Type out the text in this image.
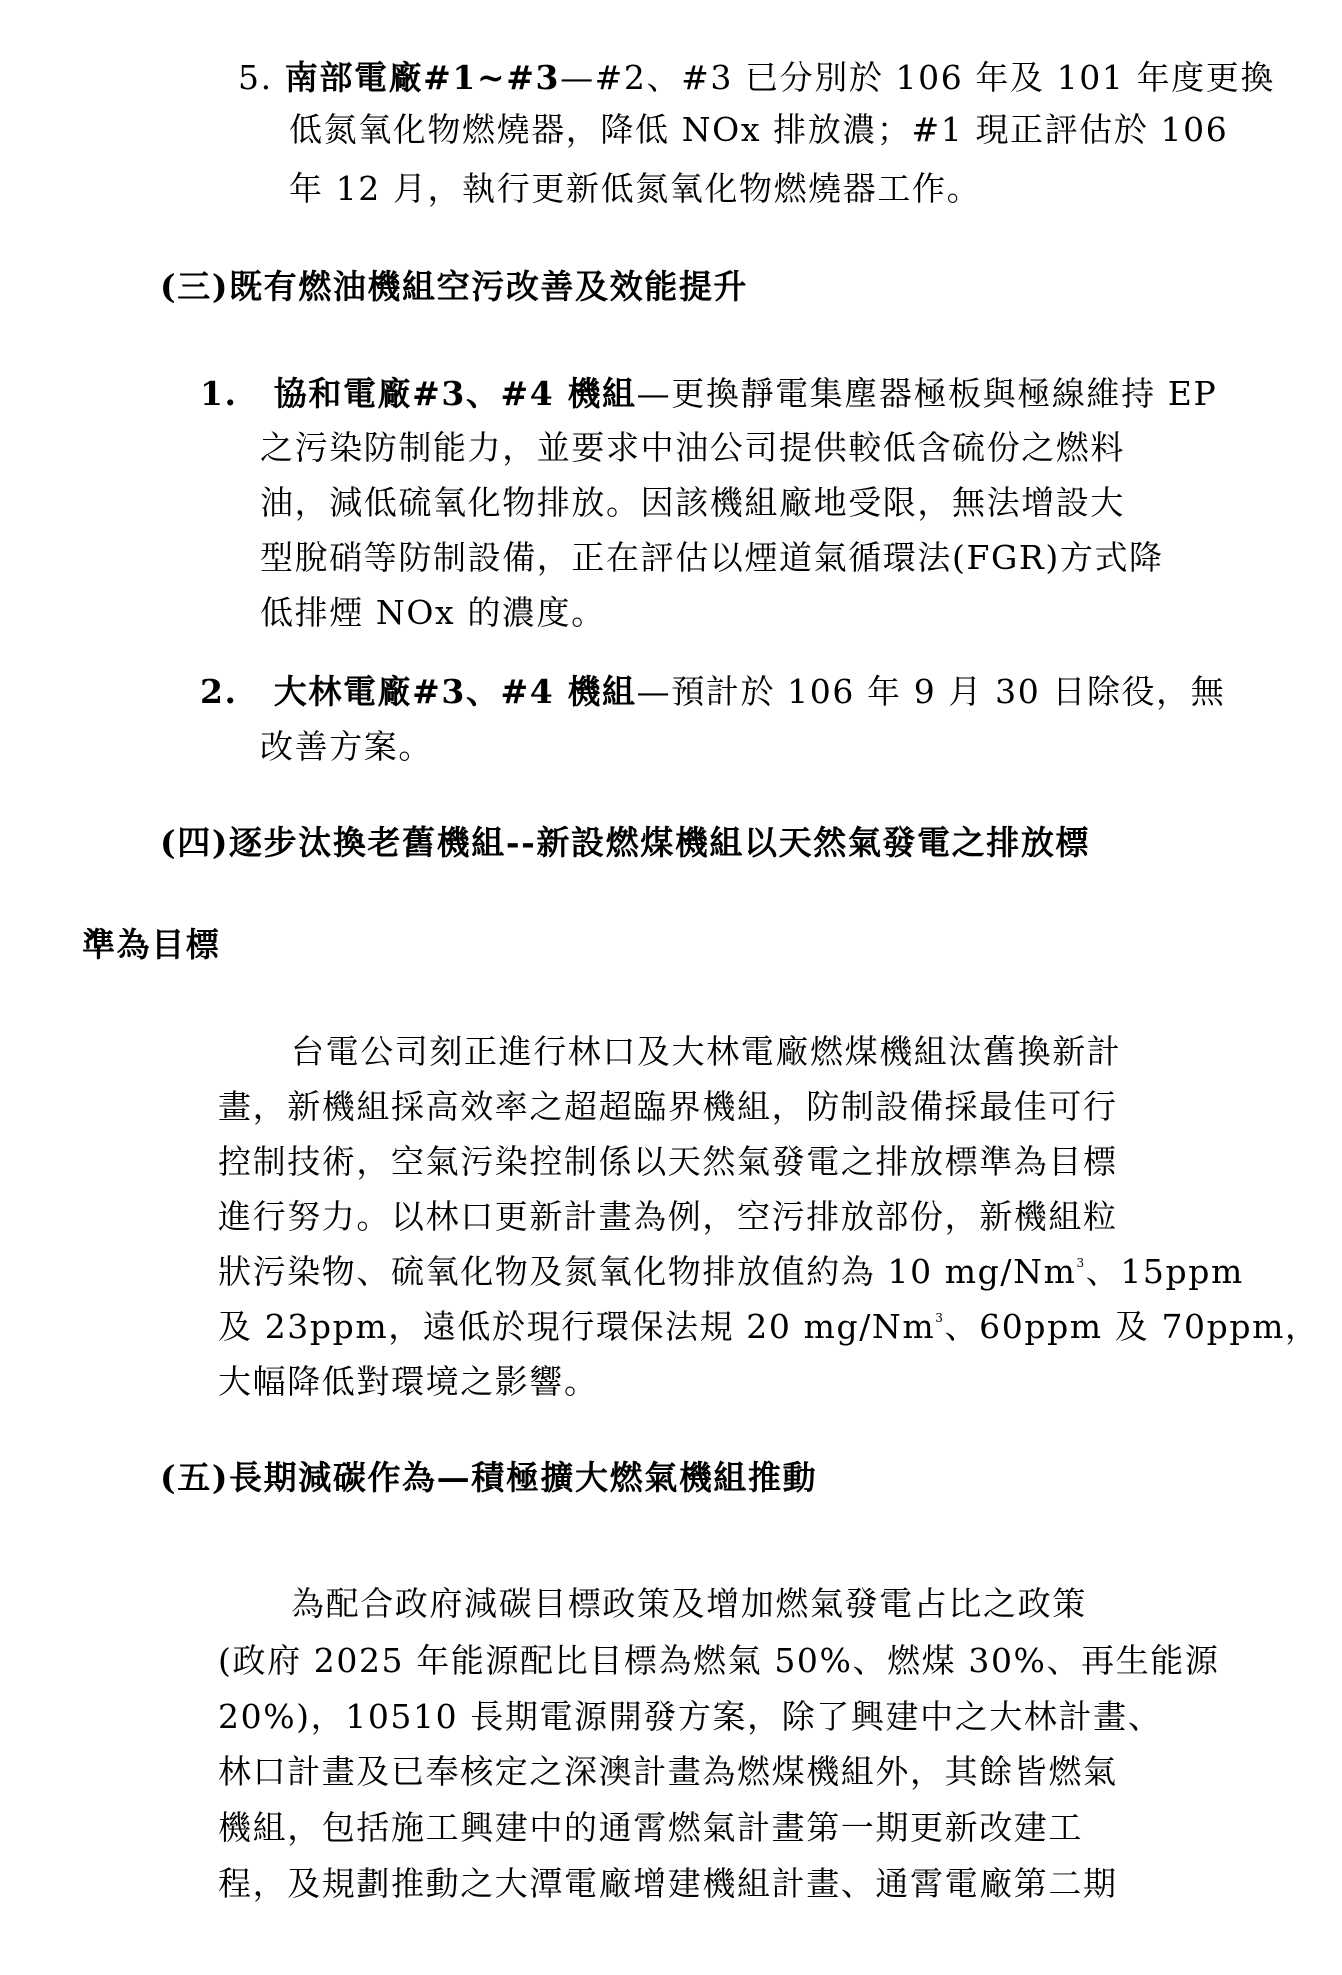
5. 南部電廠#1~#3—#2、#3 已分別於 106 年及 101 年度更換

低氮氧化物燃燒器，降低 NOx 排放濃；#1 現正評估於 106

年 12 月，執行更新低氮氧化物燃燒器工作。

(三)既有燃油機組空污改善及效能提升

1. 協和電廠#3、#4 機組—更換靜電集塵器極板與極線維持 EP

之污染防制能力，並要求中油公司提供較低含硫份之燃料

油，減低硫氧化物排放。因該機組廠地受限，無法增設大

型脫硝等防制設備，正在評估以煙道氣循環法(FGR)方式降

低排煙 NOx 的濃度。

2. 大林電廠#3、#4 機組—預計於 106 年 9 月 30 日除役，無

改善方案。

(四)逐步汰換老舊機組--新設燃煤機組以天然氣發電之排放標

準為目標

台電公司刻正進行林口及大林電廠燃煤機組汰舊換新計

畫，新機組採高效率之超超臨界機組，防制設備採最佳可行

控制技術，空氣污染控制係以天然氣發電之排放標準為目標

進行努力。以林口更新計畫為例，空污排放部份，新機組粒

狀污染物、硫氧化物及氮氧化物排放值約為 10 mg/Nm$^3$、15ppm

及 23ppm，遠低於現行環保法規 20 mg/Nm$^3$、60ppm 及 70ppm，

大幅降低對環境之影響。

(五)長期減碳作為—積極擴大燃氣機組推動

為配合政府減碳目標政策及增加燃氣發電占比之政策

(政府 2025 年能源配比目標為燃氣 50%、燃煤 30%、再生能源

20%)，10510 長期電源開發方案，除了興建中之大林計畫、

林口計畫及已奉核定之深澳計畫為燃煤機組外，其餘皆燃氣

機組，包括施工興建中的通霄燃氣計畫第一期更新改建工

程，及規劃推動之大潭電廠增建機組計畫、通霄電廠第二期
